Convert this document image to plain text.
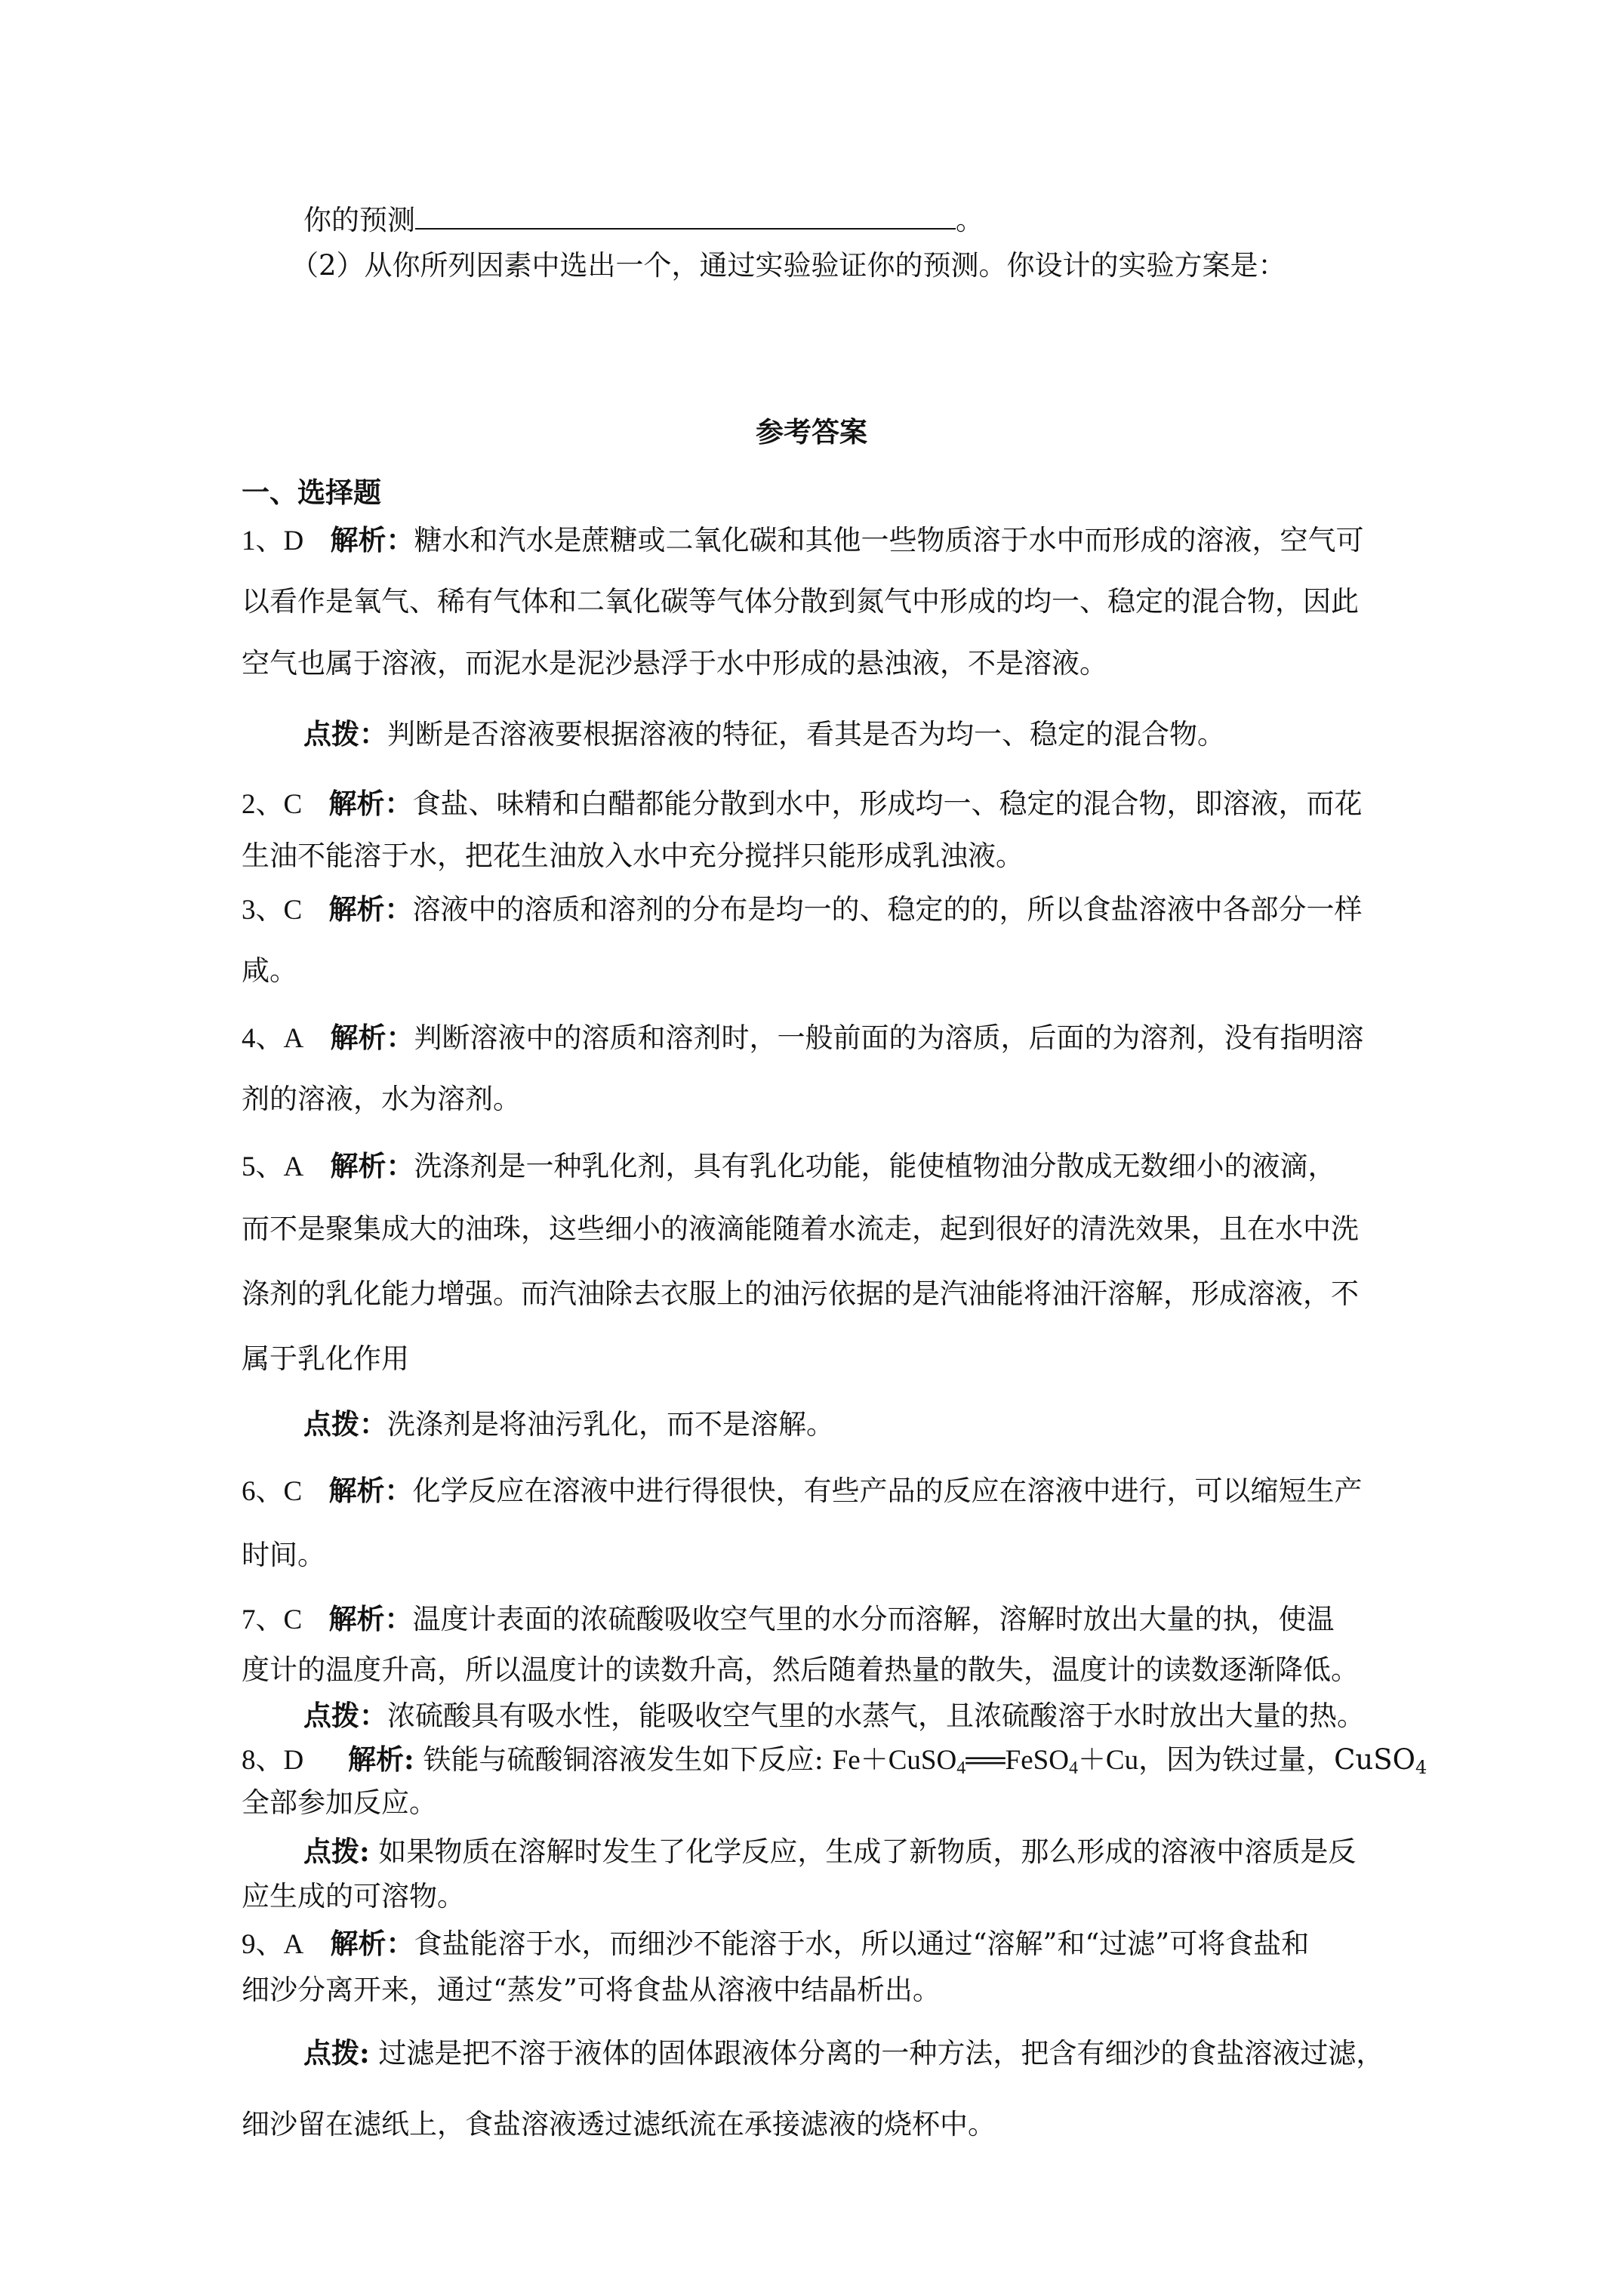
你的预测	。
（2）从你所列因素中选出一个，通过实验验证你的预测。你设计的实验方案是：
参考答案
一、选择题
1、D 解析：糖水和汽水是蔗糖或二氧化碳和其他一些物质溶于水中而形成的溶液，空气可
以看作是氧气、稀有气体和二氧化碳等气体分散到氮气中形成的均一、稳定的混合物，因此
空气也属于溶液，而泥水是泥沙悬浮于水中形成的悬浊液，不是溶液。
点拨：判断是否溶液要根据溶液的特征，看其是否为均一、稳定的混合物。
2、C 解析：食盐、味精和白醋都能分散到水中，形成均一、稳定的混合物，即溶液，而花
生油不能溶于水，把花生油放入水中充分搅拌只能形成乳浊液。
3、C 解析：溶液中的溶质和溶剂的分布是均一的、稳定的的，所以食盐溶液中各部分一样
咸。
4、A 解析：判断溶液中的溶质和溶剂时，一般前面的为溶质，后面的为溶剂，没有指明溶
剂的溶液，水为溶剂。
5、A 解析：洗涤剂是一种乳化剂，具有乳化功能，能使植物油分散成无数细小的液滴，
而不是聚集成大的油珠，这些细小的液滴能随着水流走，起到很好的清洗效果，且在水中洗
涤剂的乳化能力增强。而汽油除去衣服上的油污依据的是汽油能将油汗溶解，形成溶液，不
属于乳化作用
点拨：洗涤剂是将油污乳化，而不是溶解。
6、C 解析：化学反应在溶液中进行得很快，有些产品的反应在溶液中进行，可以缩短生产
时间。
7、C 解析：温度计表面的浓硫酸吸收空气里的水分而溶解，溶解时放出大量的执，使温
度计的温度升高，所以温度计的读数升高，然后随着热量的散失，温度计的读数逐渐降低。
点拨：浓硫酸具有吸水性，能吸收空气里的水蒸气，且浓硫酸溶于水时放出大量的热。
8、D 解析: 铁能与硫酸铜溶液发生如下反应: Fe＋CuSO$_4$══FeSO$_4$＋Cu，因为铁过量，CuSO$_4$
全部参加反应。
点拨: 如果物质在溶解时发生了化学反应，生成了新物质，那么形成的溶液中溶质是反
应生成的可溶物。
9、A 解析：食盐能溶于水，而细沙不能溶于水，所以通过“溶解”和“过滤”可将食盐和
细沙分离开来，通过“蒸发”可将食盐从溶液中结晶析出。
点拨: 过滤是把不溶于液体的固体跟液体分离的一种方法，把含有细沙的食盐溶液过滤，
细沙留在滤纸上，食盐溶液透过滤纸流在承接滤液的烧杯中。
